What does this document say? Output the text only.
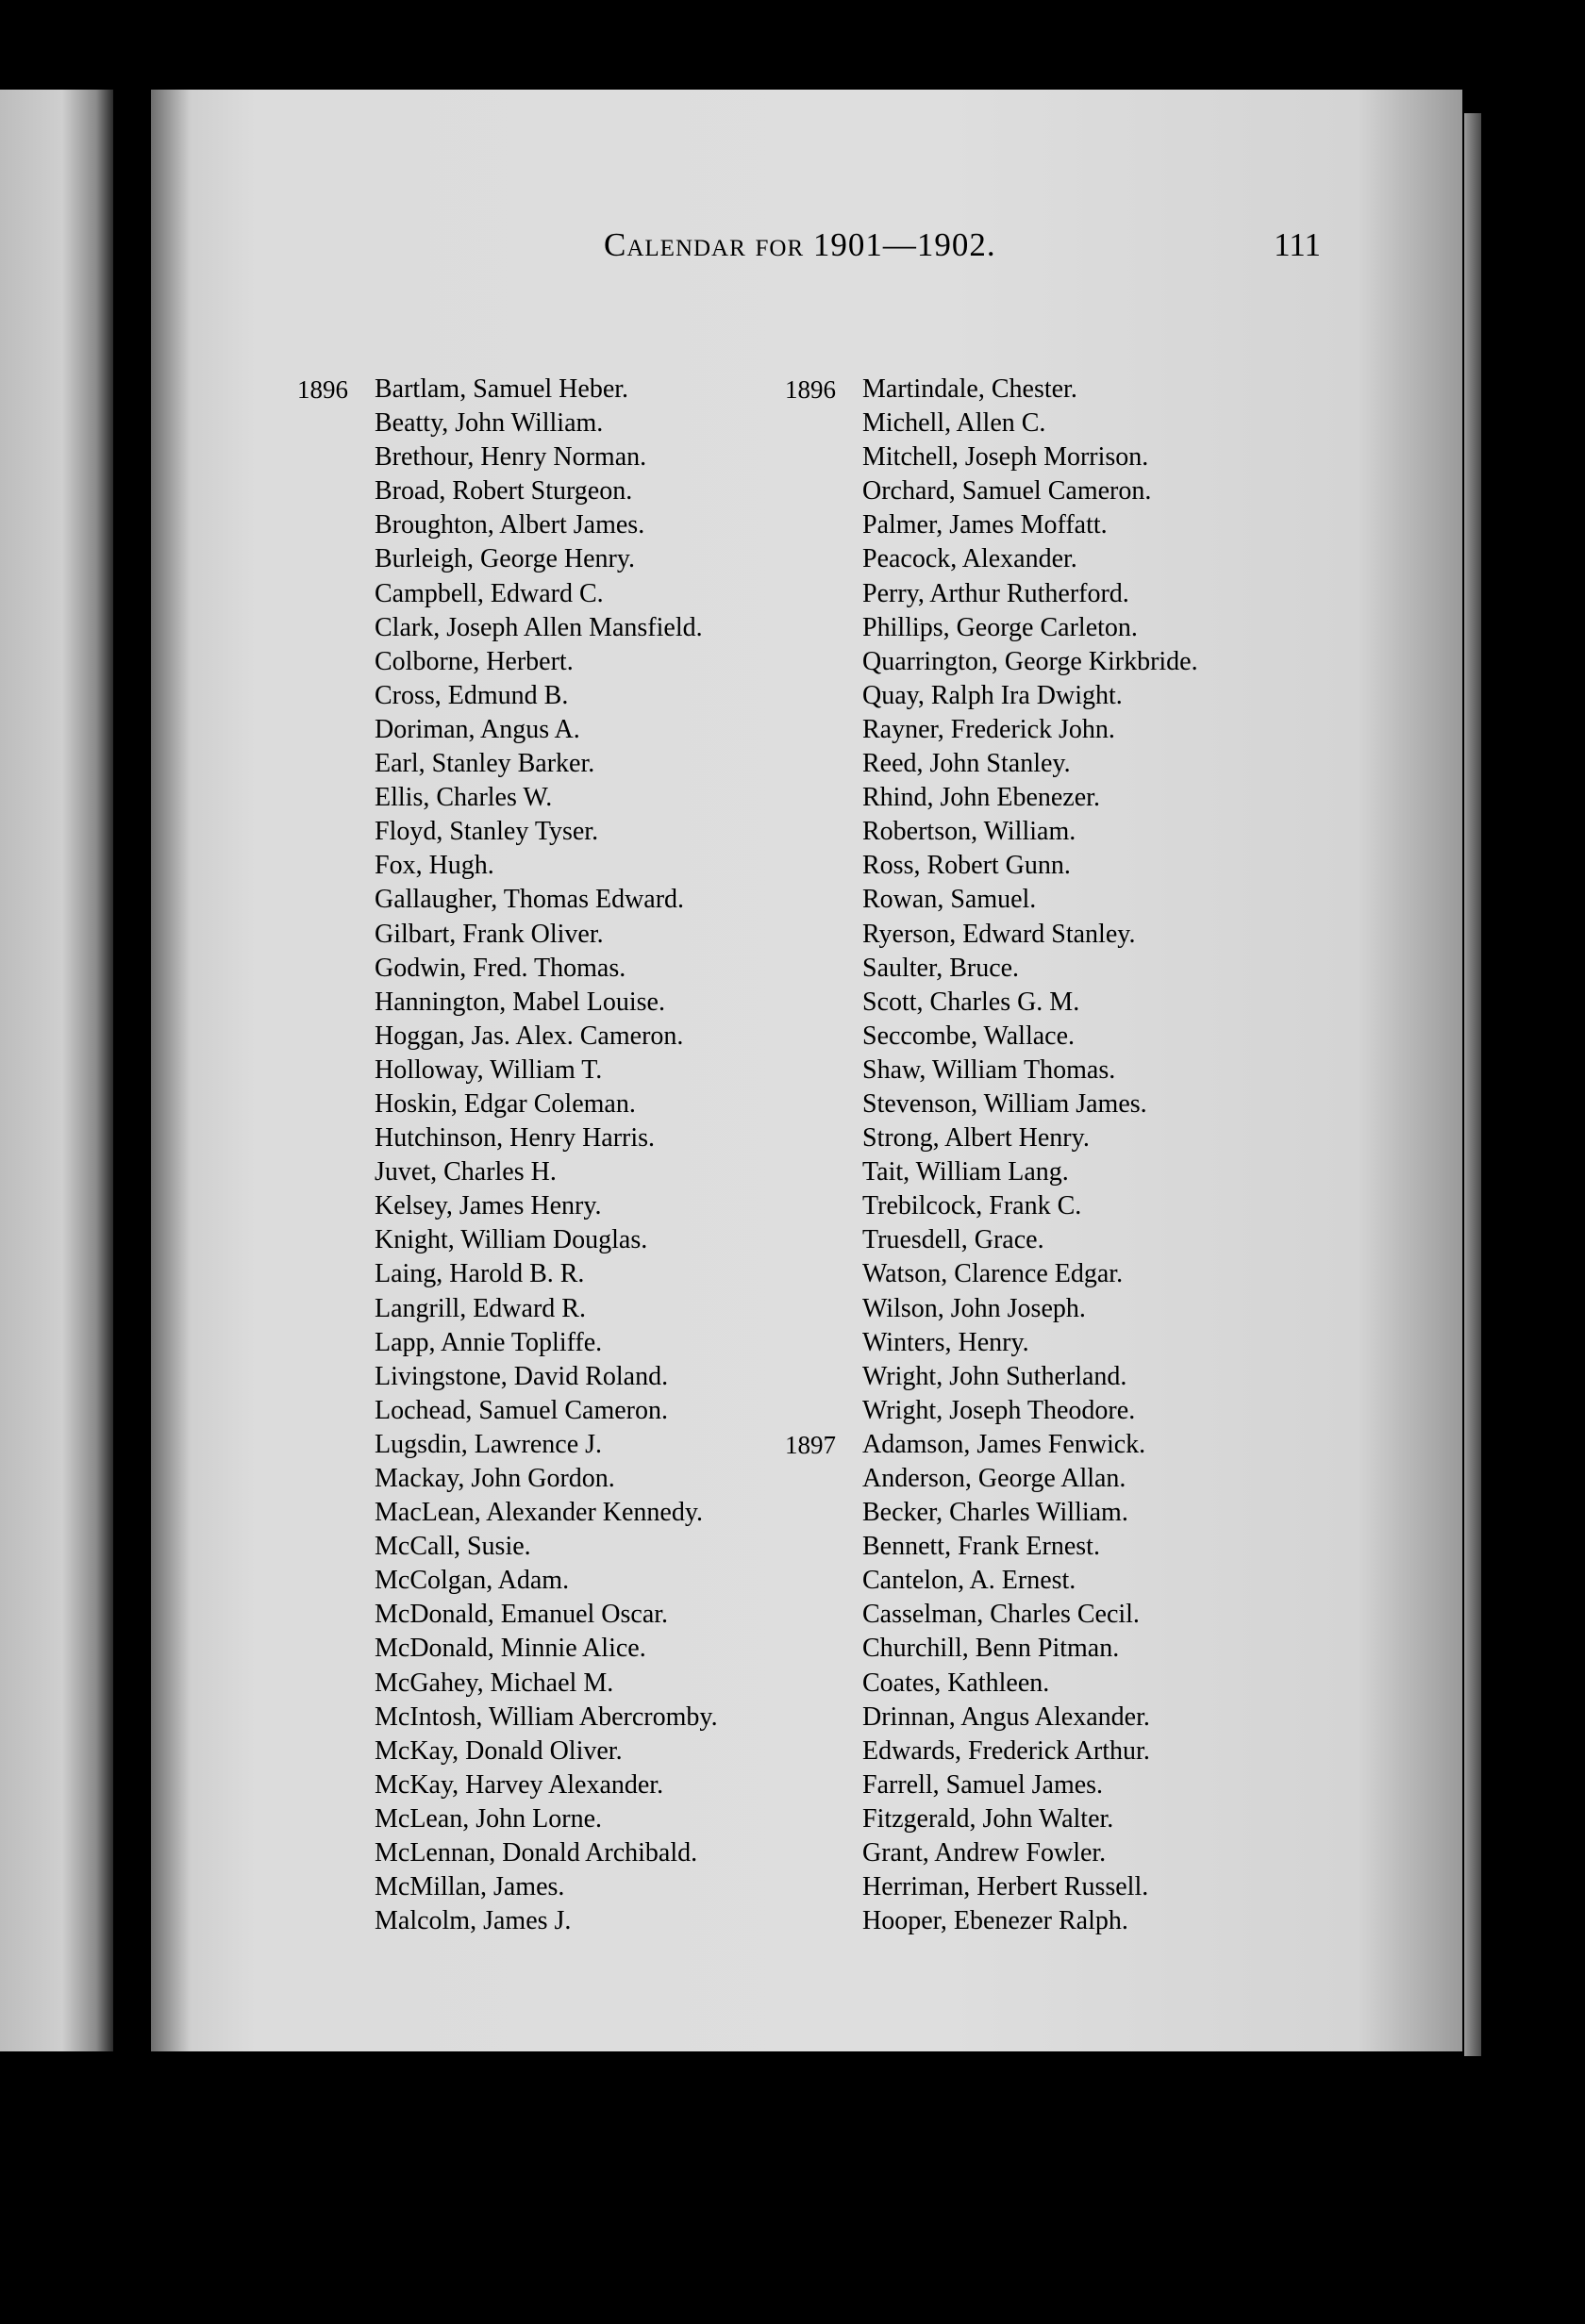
Calendar for 1901—1902.	111
1896	Bartlam, Samuel Heber.
Beatty, John William.
Brethour, Henry Norman.
Broad, Robert Sturgeon.
Broughton, Albert James.
Burleigh, George Henry.
Campbell, Edward C.
Clark, Joseph Allen Mansfield.
Colborne, Herbert.
Cross, Edmund B.
Doriman, Angus A.
Earl, Stanley Barker.
Ellis, Charles W.
Floyd, Stanley Tyser.
Fox, Hugh.
Gallaugher, Thomas Edward.
Gilbart, Frank Oliver.
Godwin, Fred. Thomas.
Hannington, Mabel Louise.
Hoggan, Jas. Alex. Cameron.
Holloway, William T.
Hoskin, Edgar Coleman.
Hutchinson, Henry Harris.
Juvet, Charles H.
Kelsey, James Henry.
Knight, William Douglas.
Laing, Harold B. R.
Langrill, Edward R.
Lapp, Annie Topliffe.
Livingstone, David Roland.
Lochead, Samuel Cameron.
Lugsdin, Lawrence J.
Mackay, John Gordon.
MacLean, Alexander Kennedy.
McCall, Susie.
McColgan, Adam.
McDonald, Emanuel Oscar.
McDonald, Minnie Alice.
McGahey, Michael M.
McIntosh, William Abercromby.
McKay, Donald Oliver.
McKay, Harvey Alexander.
McLean, John Lorne.
McLennan, Donald Archibald.
McMillan, James.
Malcolm, James J.
1896	Martindale, Chester.
Michell, Allen C.
Mitchell, Joseph Morrison.
Orchard, Samuel Cameron.
Palmer, James Moffatt.
Peacock, Alexander.
Perry, Arthur Rutherford.
Phillips, George Carleton.
Quarrington, George Kirkbride.
Quay, Ralph Ira Dwight.
Rayner, Frederick John.
Reed, John Stanley.
Rhind, John Ebenezer.
Robertson, William.
Ross, Robert Gunn.
Rowan, Samuel.
Ryerson, Edward Stanley.
Saulter, Bruce.
Scott, Charles G. M.
Seccombe, Wallace.
Shaw, William Thomas.
Stevenson, William James.
Strong, Albert Henry.
Tait, William Lang.
Trebilcock, Frank C.
Truesdell, Grace.
Watson, Clarence Edgar.
Wilson, John Joseph.
Winters, Henry.
Wright, John Sutherland.
Wright, Joseph Theodore.
1897	Adamson, James Fenwick.
Anderson, George Allan.
Becker, Charles William.
Bennett, Frank Ernest.
Cantelon, A. Ernest.
Casselman, Charles Cecil.
Churchill, Benn Pitman.
Coates, Kathleen.
Drinnan, Angus Alexander.
Edwards, Frederick Arthur.
Farrell, Samuel James.
Fitzgerald, John Walter.
Grant, Andrew Fowler.
Herriman, Herbert Russell.
Hooper, Ebenezer Ralph.
